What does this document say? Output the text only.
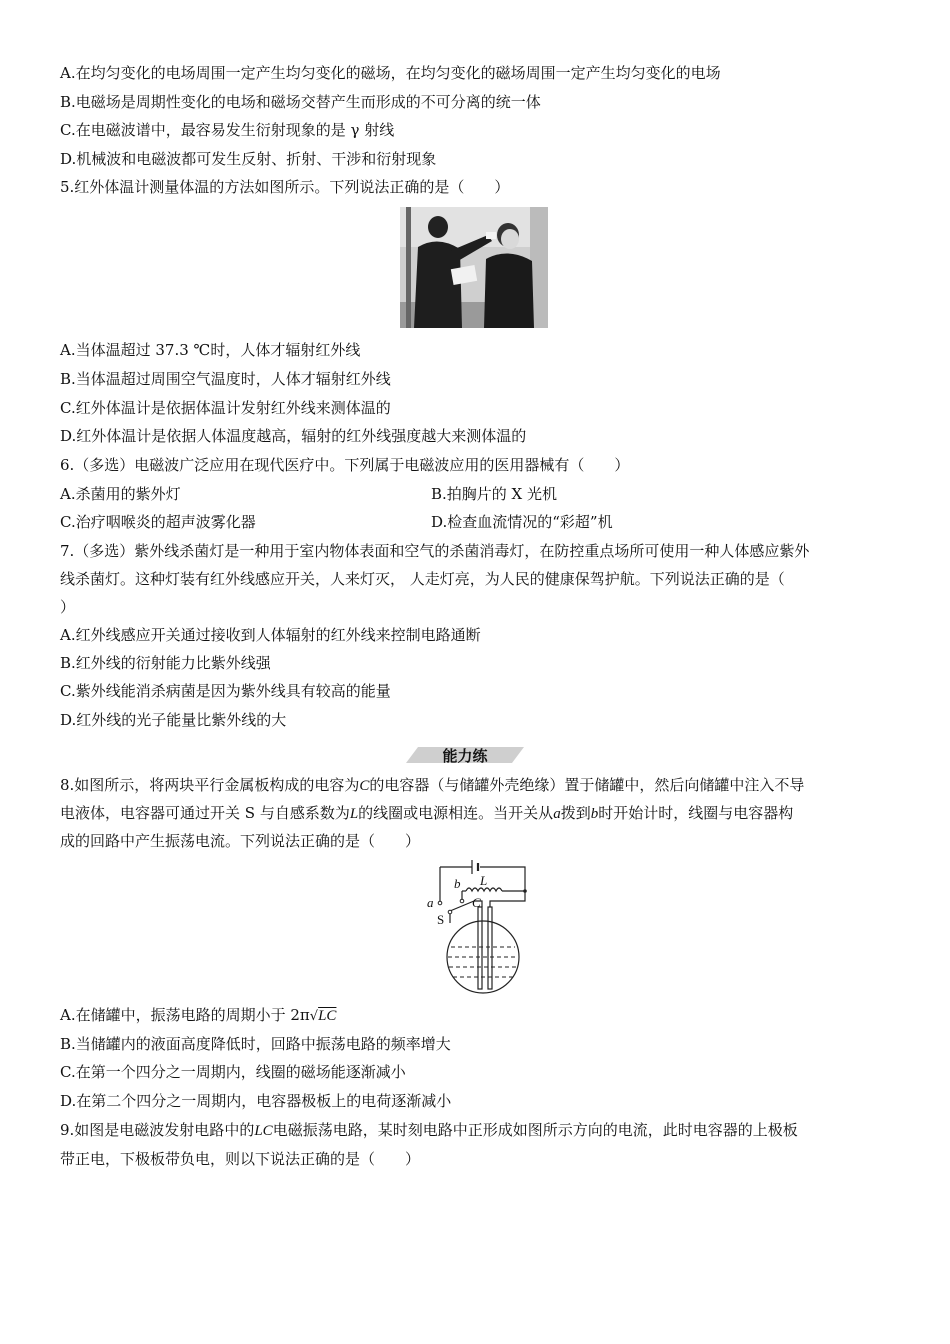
A.在均匀变化的电场周围一定产生均匀变化的磁场，在均匀变化的磁场周围一定产生均匀变化的电场
B.电磁场是周期性变化的电场和磁场交替产生而形成的不可分离的统一体
C.在电磁波谱中，最容易发生衍射现象的是 γ 射线
D.机械波和电磁波都可发生反射、折射、干涉和衍射现象
5.红外体温计测量体温的方法如图所示。下列说法正确的是（　　）
A.当体温超过 37.3 ℃时，人体才辐射红外线
B.当体温超过周围空气温度时，人体才辐射红外线
C.红外体温计是依据体温计发射红外线来测体温的
D.红外体温计是依据人体温度越高，辐射的红外线强度越大来测体温的
6.（多选）电磁波广泛应用在现代医疗中。下列属于电磁波应用的医用器械有（　　）
A.杀菌用的紫外灯	B.拍胸片的 X 光机
C.治疗咽喉炎的超声波雾化器	D.检查血流情况的“彩超”机
7.（多选）紫外线杀菌灯是一种用于室内物体表面和空气的杀菌消毒灯，在防控重点场所可使用一种人体感应紫外
线杀菌灯。这种灯装有红外线感应开关，人来灯灭， 人走灯亮，为人民的健康保驾护航。下列说法正确的是（
）
A.红外线感应开关通过接收到人体辐射的红外线来控制电路通断
B.红外线的衍射能力比紫外线强
C.紫外线能消杀病菌是因为紫外线具有较高的能量
D.红外线的光子能量比紫外线的大
能力练
8.如图所示，将两块平行金属板构成的电容为C的电容器（与储罐外壳绝缘）置于储罐中，然后向储罐中注入不导
电液体，电容器可通过开关 S 与自感系数为L的线圈或电源相连。当开关从a拨到b时开始计时，线圈与电容器构
成的回路中产生振荡电流。下列说法正确的是（　　）
L
b
a	C
S
A.在储罐中，振荡电路的周期小于 2π√LC
B.当储罐内的液面高度降低时，回路中振荡电路的频率增大
C.在第一个四分之一周期内，线圈的磁场能逐渐减小
D.在第二个四分之一周期内，电容器极板上的电荷逐渐减小
9.如图是电磁波发射电路中的LC电磁振荡电路，某时刻电路中正形成如图所示方向的电流，此时电容器的上极板
带正电，下极板带负电，则以下说法正确的是（　　）
